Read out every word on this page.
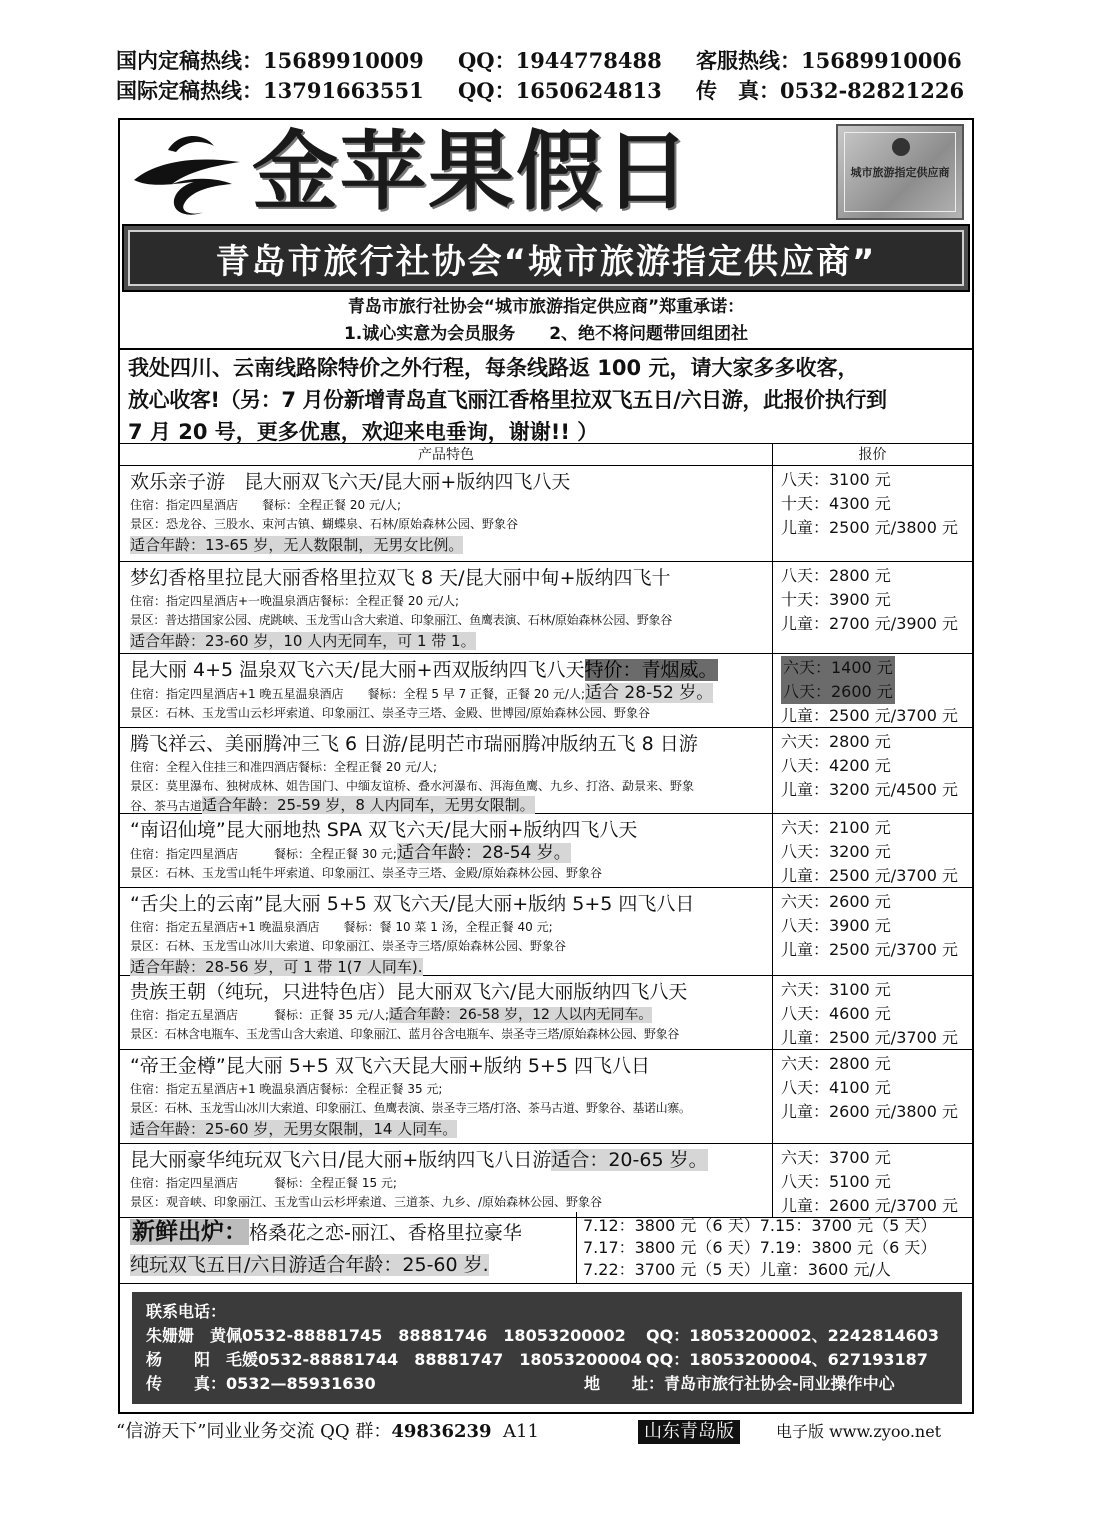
国内定稿热线：15689910009	QQ：1944778488	客服热线：15689910006
国际定稿热线：13791663551	QQ：1650624813	传　真：0532-82821226
金苹果假日	城市旅游指定供应商
青岛市旅行社协会“城市旅游指定供应商”
青岛市旅行社协会“城市旅游指定供应商”郑重承诺：
1.诚心实意为会员服务　　2、绝不将问题带回组团社
我处四川、云南线路除特价之外行程，每条线路返 100 元，请大家多多收客，
放心收客!（另：7 月份新增青岛直飞丽江香格里拉双飞五日/六日游，此报价执行到
7 月 20 号，更多优惠，欢迎来电垂询，谢谢!! ）
产品特色	报价
欢乐亲子游　昆大丽双飞六天/昆大丽+版纳四飞八天
住宿：指定四星酒店　　餐标：全程正餐 20 元/人;
景区：恐龙谷、三股水、束河古镇、蝴蝶泉、石林/原始森林公园、野象谷
适合年龄：13-65 岁，无人数限制，无男女比例。
八天：3100 元
十天：4300 元
儿童：2500 元/3800 元
梦幻香格里拉昆大丽香格里拉双飞 8 天/昆大丽中甸+版纳四飞十
住宿：指定四星酒店+一晚温泉酒店餐标：全程正餐 20 元/人;
景区：普达措国家公园、虎跳峡、玉龙雪山含大索道、印象丽江、鱼鹰表演、石林/原始森林公园、野象谷
适合年龄：23-60 岁，10 人内无同车，可 1 带 1。
八天：2800 元
十天：3900 元
儿童：2700 元/3900 元
昆大丽 4+5 温泉双飞六天/昆大丽+西双版纳四飞八天特价：青烟威。
住宿：指定四星酒店+1 晚五星温泉酒店　　餐标：全程 5 早 7 正餐，正餐 20 元/人;适合 28-52 岁。
景区：石林、玉龙雪山云杉坪索道、印象丽江、崇圣寺三塔、金殿、世博园/原始森林公园、野象谷
六天：1400 元
八天：2600 元
儿童：2500 元/3700 元
腾飞祥云、美丽腾冲三飞 6 日游/昆明芒市瑞丽腾冲版纳五飞 8 日游
住宿：全程入住挂三和准四酒店餐标：全程正餐 20 元/人;
景区：莫里瀑布、独树成林、姐告国门、中缅友谊桥、叠水河瀑布、洱海鱼鹰、九乡、打洛、勐景来、野象
谷、茶马古道适合年龄：25-59 岁，8 人内同车，无男女限制。
六天：2800 元
八天：4200 元
儿童：3200 元/4500 元
“南诏仙境”昆大丽地热 SPA 双飞六天/昆大丽+版纳四飞八天
住宿：指定四星酒店　　　餐标：全程正餐 30 元;适合年龄：28-54 岁。
景区：石林、玉龙雪山牦牛坪索道、印象丽江、崇圣寺三塔、金殿/原始森林公园、野象谷
六天：2100 元
八天：3200 元
儿童：2500 元/3700 元
“舌尖上的云南”昆大丽 5+5 双飞六天/昆大丽+版纳 5+5 四飞八日
住宿：指定五星酒店+1 晚温泉酒店　　餐标：餐 10 菜 1 汤，全程正餐 40 元;
景区：石林、玉龙雪山冰川大索道、印象丽江、崇圣寺三塔/原始森林公园、野象谷
适合年龄：28-56 岁，可 1 带 1(7 人同车).
六天：2600 元
八天：3900 元
儿童：2500 元/3700 元
贵族王朝（纯玩，只进特色店）昆大丽双飞六/昆大丽版纳四飞八天
住宿：指定五星酒店　　　餐标：正餐 35 元/人;适合年龄：26-58 岁，12 人以内无同车。
景区：石林含电瓶车、玉龙雪山含大索道、印象丽江、蓝月谷含电瓶车、崇圣寺三塔/原始森林公园、野象谷
六天：3100 元
八天：4600 元
儿童：2500 元/3700 元
“帝王金樽”昆大丽 5+5 双飞六天昆大丽+版纳 5+5 四飞八日
住宿：指定五星酒店+1 晚温泉酒店餐标：全程正餐 35 元;
景区：石林、玉龙雪山冰川大索道、印象丽江、鱼鹰表演、崇圣寺三塔/打洛、茶马古道、野象谷、基诺山寨。
适合年龄：25-60 岁，无男女限制，14 人同车。
六天：2800 元
八天：4100 元
儿童：2600 元/3800 元
昆大丽豪华纯玩双飞六日/昆大丽+版纳四飞八日游适合：20-65 岁。
住宿：指定四星酒店　　　餐标：全程正餐 15 元;
景区：观音峡、印象丽江、玉龙雪山云杉坪索道、三道茶、九乡、/原始森林公园、野象谷
六天：3700 元
八天：5100 元
儿童：2600 元/3700 元
新鲜出炉： 格桑花之恋-丽江、香格里拉豪华
纯玩双飞五日/六日游适合年龄：25-60 岁.
7.12：3800 元（6 天）7.15：3700 元（5 天）
7.17：3800 元（6 天）7.19：3800 元（6 天）
7.22：3700 元（5 天）儿童：3600 元/人
联系电话：
朱姗姗　黄佩0532-88881745　88881746　18053200002	QQ：18053200002、2242814603
杨　　阳　毛媛0532-88881744　88881747　18053200004 QQ：18053200004、627193187
传　　真：0532—85931630	地　　址：青岛市旅行社协会-同业操作中心
“信游天下”同业业务交流 QQ 群：49836239 A11	山东青岛版	电子版 www.zyoo.net
